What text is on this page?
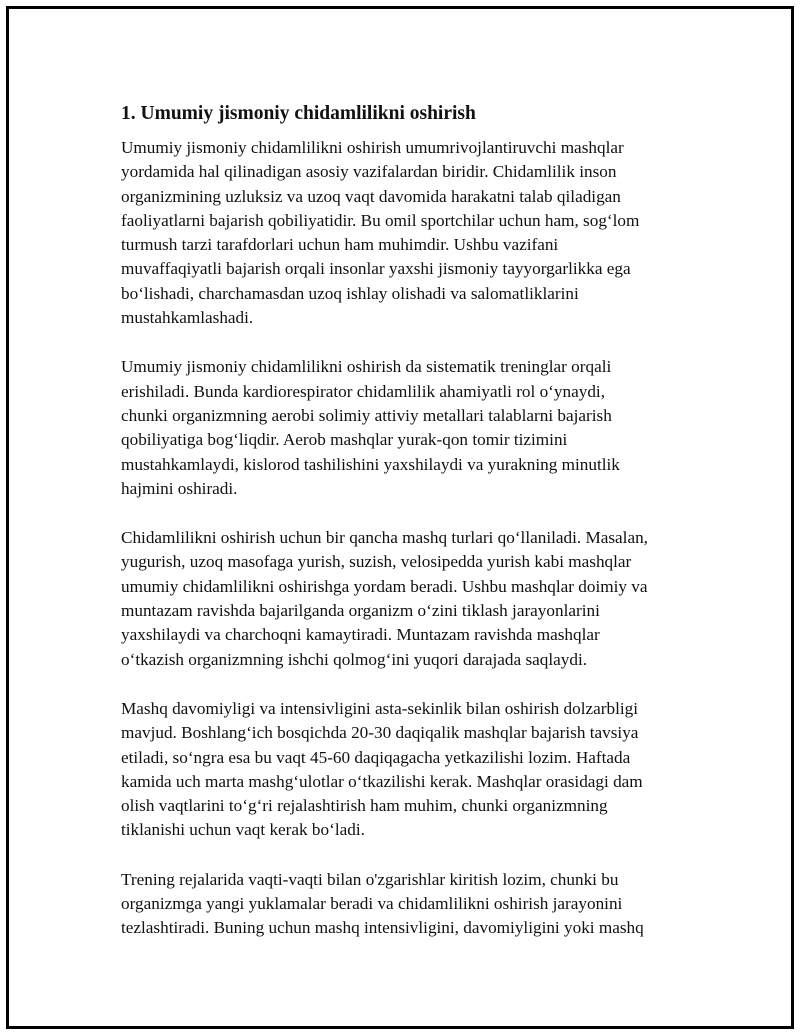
1. Umumiy jismoniy chidamlilikni oshirish
Umumiy jismoniy chidamlilikni oshirish umumrivojlantiruvchi mashqlar
yordamida hal qilinadigan asosiy vazifalardan biridir. Chidamlilik inson
organizmining uzluksiz va uzoq vaqt davomida harakatni talab qiladigan
faoliyatlarni bajarish qobiliyatidir. Bu omil sportchilar uchun ham, sog‘lom
turmush tarzi tarafdorlari uchun ham muhimdir. Ushbu vazifani
muvaffaqiyatli bajarish orqali insonlar yaxshi jismoniy tayyorgarlikka ega
bo‘lishadi, charchamasdan uzoq ishlay olishadi va salomatliklarini
mustahkamlashadi.
Umumiy jismoniy chidamlilikni oshirish da sistematik treninglar orqali
erishiladi. Bunda kardiorespirator chidamlilik ahamiyatli rol o‘ynaydi,
chunki organizmning aerobi solimiy attiviy metallari talablarni bajarish
qobiliyatiga bog‘liqdir. Aerob mashqlar yurak-qon tomir tizimini
mustahkamlaydi, kislorod tashilishini yaxshilaydi va yurakning minutlik
hajmini oshiradi.
Chidamlilikni oshirish uchun bir qancha mashq turlari qo‘llaniladi. Masalan,
yugurish, uzoq masofaga yurish, suzish, velosipedda yurish kabi mashqlar
umumiy chidamlilikni oshirishga yordam beradi. Ushbu mashqlar doimiy va
muntazam ravishda bajarilganda organizm o‘zini tiklash jarayonlarini
yaxshilaydi va charchoqni kamaytiradi. Muntazam ravishda mashqlar
o‘tkazish organizmning ishchi qolmog‘ini yuqori darajada saqlaydi.
Mashq davomiyligi va intensivligini asta-sekinlik bilan oshirish dolzarbligi
mavjud. Boshlang‘ich bosqichda 20-30 daqiqalik mashqlar bajarish tavsiya
etiladi, so‘ngra esa bu vaqt 45-60 daqiqagacha yetkazilishi lozim. Haftada
kamida uch marta mashg‘ulotlar o‘tkazilishi kerak. Mashqlar orasidagi dam
olish vaqtlarini to‘g‘ri rejalashtirish ham muhim, chunki organizmning
tiklanishi uchun vaqt kerak bo‘ladi.
Trening rejalarida vaqti-vaqti bilan o'zgarishlar kiritish lozim, chunki bu
organizmga yangi yuklamalar beradi va chidamlilikni oshirish jarayonini
tezlashtiradi. Buning uchun mashq intensivligini, davomiyligini yoki mashq
